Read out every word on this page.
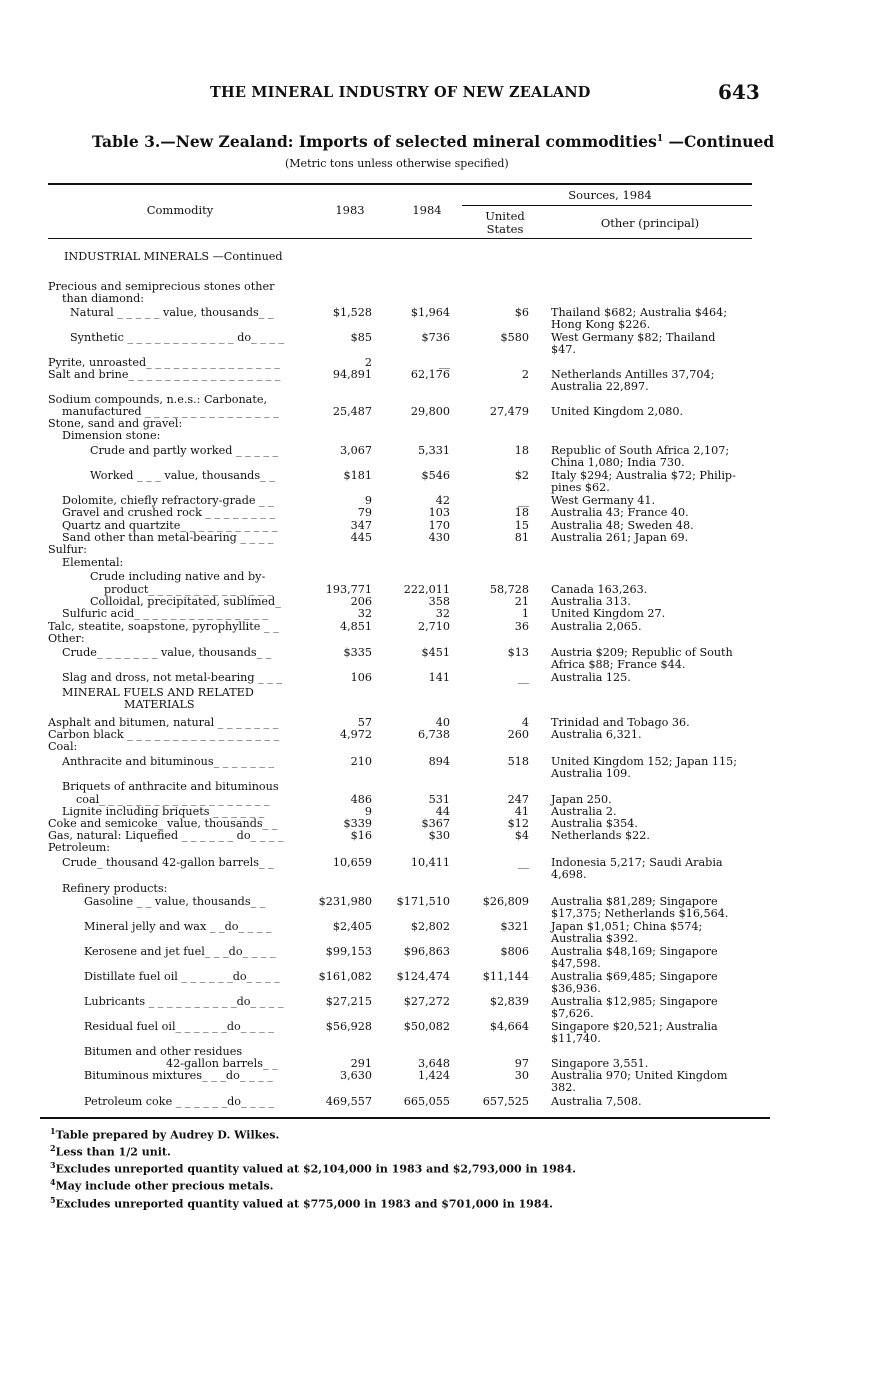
THE MINERAL INDUSTRY OF NEW ZEALAND	643
Table 3.—New Zealand: Imports of selected mineral commodities$^1$ —Continued
(Metric tons unless otherwise specified)
Commodity	1983	1984
Sources, 1984
United States	Other (principal)
INDUSTRIAL MINERALS —Continued
Precious and semiprecious stones other
than diamond:
Natural _ _ _ _ _ value, thousands_ _	$1,528	$1,964	$6 Thailand $682; Australia $464;
Hong Kong $226.
Synthetic _ _ _ _ _ _ _ _ _ _ _ _ do_ _ _ _	$85	$736	$580 West Germany $82; Thailand
$47.
Pyrite, unroasted_ _ _ _ _ _ _ _ _ _ _ _ _ _ _	2	__
Salt and brine_ _ _ _ _ _ _ _ _ _ _ _ _ _ _ _ _	94,891	62,176	2 Netherlands Antilles 37,704;
Australia 22,897.
Sodium compounds, n.e.s.: Carbonate,
manufactured _ _ _ _ _ _ _ _ _ _ _ _ _ _ _	25,487	29,800	27,479 United Kingdom 2,080.
Stone, sand and gravel:
Dimension stone:
Crude and partly worked _ _ _ _ _	3,067	5,331	18 Republic of South Africa 2,107;
China 1,080; India 730.
Worked _ _ _ value, thousands_ _	$181	$546	$2 Italy $294; Australia $72; Philip-
pines $62.
Dolomite, chiefly refractory-grade _ _	9	42	__ West Germany 41.
Gravel and crushed rock _ _ _ _ _ _ _ _	79	103	18 Australia 43; France 40.
Quartz and quartzite_ _ _ _ _ _ _ _ _ _ _	347	170	15 Australia 48; Sweden 48.
Sand other than metal-bearing _ _ _ _	445	430	81 Australia 261; Japan 69.
Sulfur:
Elemental:
Crude including native and by-
product_ _ _ _ _ _ _ _ _ _ _ _ _ _	193,771	222,011	58,728 Canada 163,263.
Colloidal, precipitated, sublimed_	206	358	21 Australia 313.
Sulfuric acid_ _ _ _ _ _ _ _ _ _ _ _ _ _ _	32	32	1 United Kingdom 27.
Talc, steatite, soapstone, pyrophyllite _ _	4,851	2,710	36 Australia 2,065.
Other:
Crude_ _ _ _ _ _ _ value, thousands_ _	$335	$451	$13 Austria $209; Republic of South
Africa $88; France $44.
Slag and dross, not metal-bearing _ _ _	106	141	__ Australia 125.
MINERAL FUELS AND RELATED
MATERIALS
Asphalt and bitumen, natural _ _ _ _ _ _ _	57	40	4 Trinidad and Tobago 36.
Carbon black _ _ _ _ _ _ _ _ _ _ _ _ _ _ _ _ _	4,972	6,738	260 Australia 6,321.
Coal:
Anthracite and bituminous_ _ _ _ _ _ _	210	894	518 United Kingdom 152; Japan 115;
Australia 109.
Briquets of anthracite and bituminous
coal_ _ _ _ _ _ _ _ _ _ _ _ _ _ _ _ _ _ _	486	531	247 Japan 250.
Lignite including briquets _ _ _ _ _ _	9	44	41 Australia 2.
Coke and semicoke_ value, thousands_ _	$339	$367	$12 Australia $354.
Gas, natural: Liquefied _ _ _ _ _ _ do_ _ _ _	$16	$30	$4 Netherlands $22.
Petroleum:
Crude_ thousand 42-gallon barrels_ _	10,659	10,411	__ Indonesia 5,217; Saudi Arabia
4,698.
Refinery products:
Gasoline _ _ value, thousands_ _	$231,980 $171,510	$26,809 Australia $81,289; Singapore
$17,375; Netherlands $16,564.
Mineral jelly and wax _ _do_ _ _ _	$2,405	$2,802	$321 Japan $1,051; China $574;
Australia $392.
Kerosene and jet fuel_ _ _do_ _ _ _	$99,153	$96,863	$806 Australia $48,169; Singapore
$47,598.
Distillate fuel oil _ _ _ _ _ _do_ _ _ _	$161,082 $124,474	$11,144 Australia $69,485; Singapore
$36,936.
Lubricants _ _ _ _ _ _ _ _ _ _do_ _ _ _	$27,215	$27,272	$2,839 Australia $12,985; Singapore
$7,626.
Residual fuel oil_ _ _ _ _ _do_ _ _ _	$56,928	$50,082	$4,664 Singapore $20,521; Australia
$11,740.
Bitumen and other residues
42-gallon barrels_ _	291	3,648	97 Singapore 3,551.
Bituminous mixtures_ _ _do_ _ _ _	3,630	1,424	30 Australia 970; United Kingdom
382.
Petroleum coke _ _ _ _ _ _do_ _ _ _	469,557	665,055	657,525 Australia 7,508.
$^1$Table prepared by Audrey D. Wilkes.
$^2$Less than 1/2 unit.
$^3$Excludes unreported quantity valued at $2,104,000 in 1983 and $2,793,000 in 1984.
$^4$May include other precious metals.
$^5$Excludes unreported quantity valued at $775,000 in 1983 and $701,000 in 1984.
